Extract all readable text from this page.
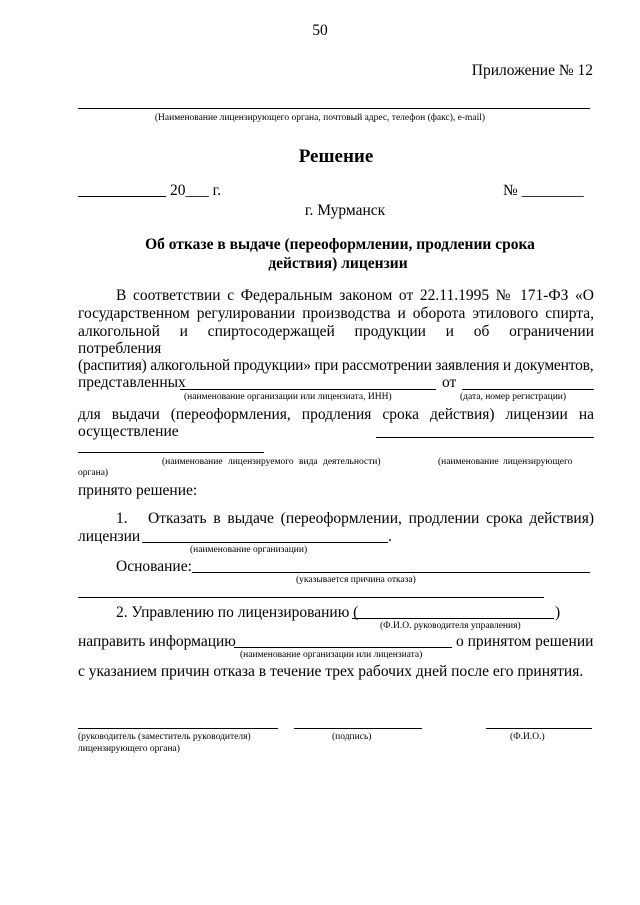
50
Приложение № 12
(Наименование лицензирующего органа, почтовый адрес, телефон (факс), e-mail)
Решение
20___ г.	№ ________
г. Мурманск
Об отказе в выдаче (переоформлении, продлении срока
действия) лицензии
В соответствии с Федеральным законом от 22.11.1995 № 171-ФЗ «О
государственном регулировании производства и оборота этилового спирта,
алкогольной и спиртосодержащей продукции и об ограничении
потребления
(распития) алкогольной продукции» при рассмотрении заявления и документов,
представленных	от
(наименование организации или лицензиата, ИНН)	(дата, номер регистрации)
для выдачи (переоформления, продления срока действия) лицензии на
осуществление
(наименование лицензируемого вида деятельности)	(наименование лицензирующего
органа)
принято решение:
1. Отказать в выдаче (переоформлении, продлении срока действия)
лицензии	.
(наименование организации)
Основание:
(указывается причина отказа)
2. Управлению по лицензированию (	)
(Ф.И.О. руководителя управления)
направить информацию	о принятом решении
(наименование организации или лицензиата)
с указанием причин отказа в течение трех рабочих дней после его принятия.
(руководитель (заместитель руководителя)
лицензирующего органа)
(подпись)	(Ф.И.О.)
